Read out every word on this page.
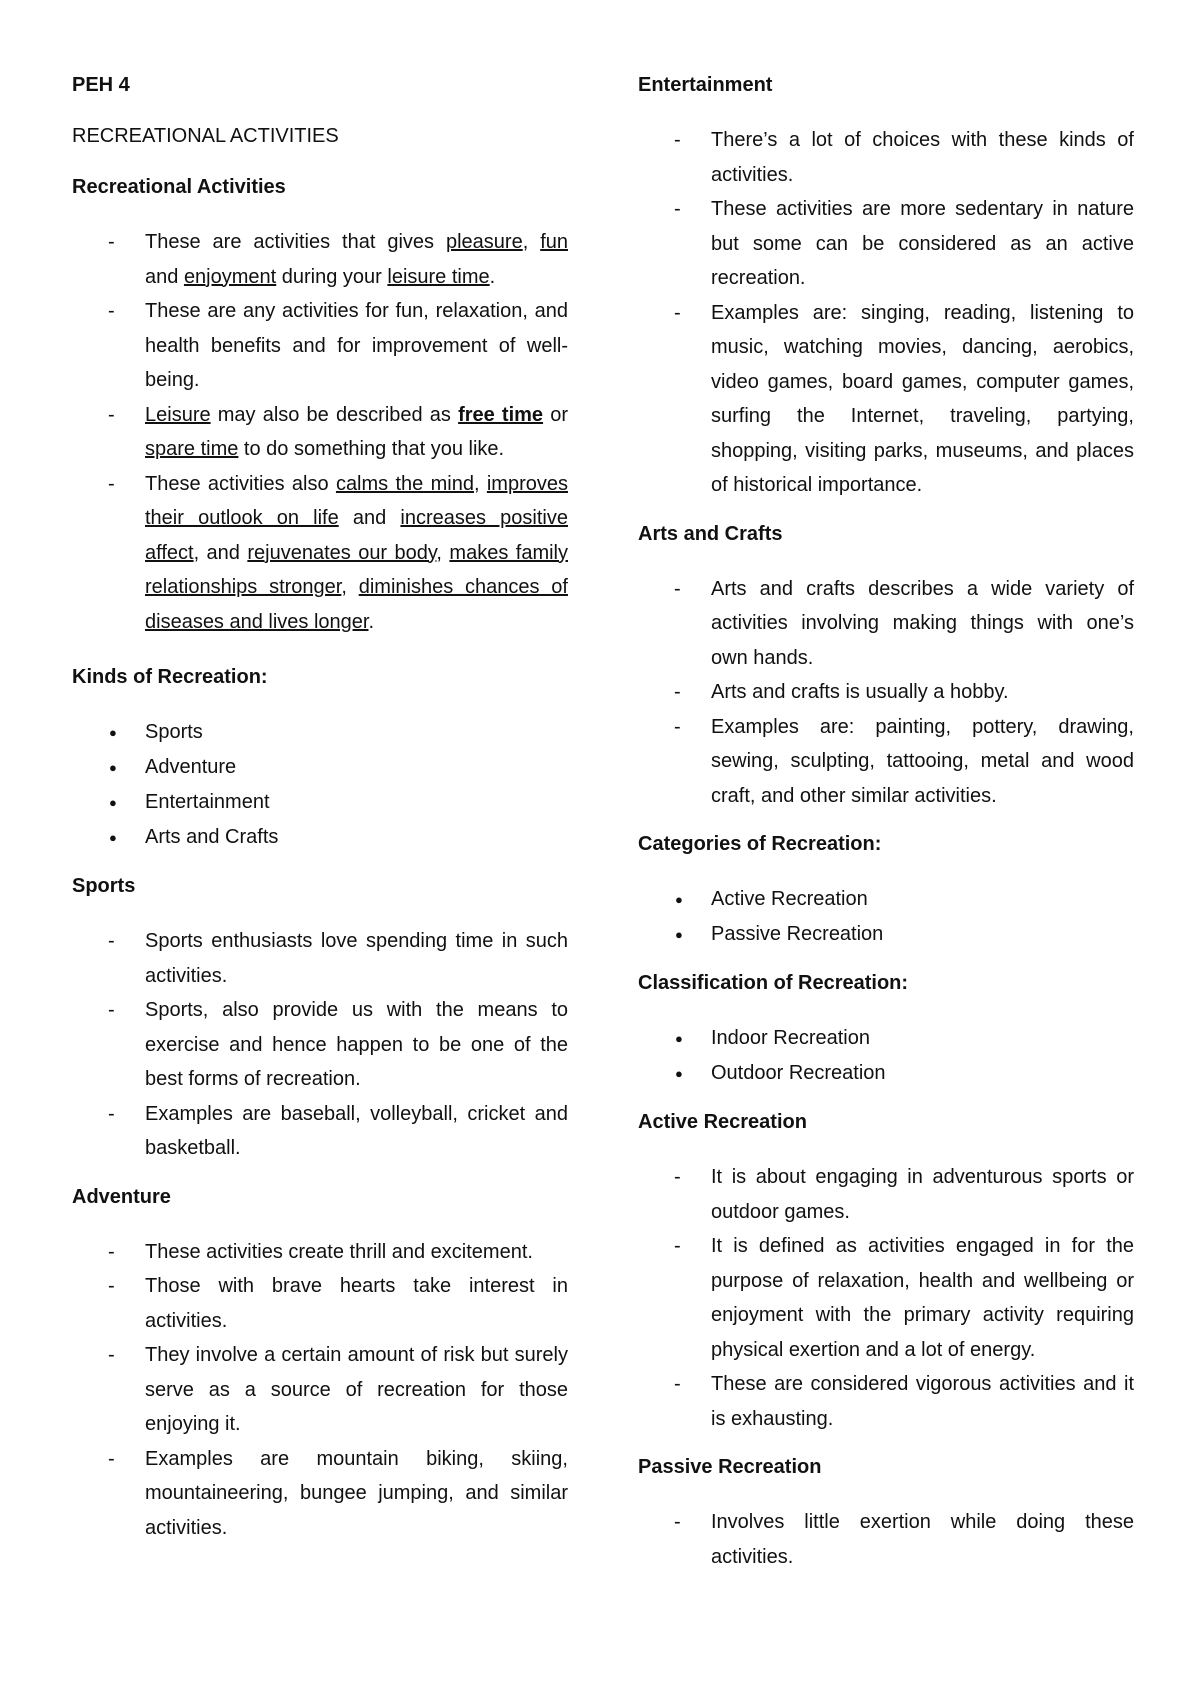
PEH 4
RECREATIONAL ACTIVITIES
Recreational Activities
- These are activities that gives pleasure, fun and enjoyment during your leisure time.
- These are any activities for fun, relaxation, and health benefits and for improvement of well-being.
- Leisure may also be described as free time or spare time to do something that you like.
- These activities also calms the mind, improves their outlook on life and increases positive affect, and rejuvenates our body, makes family relationships stronger, diminishes chances of diseases and lives longer.
Kinds of Recreation:
● Sports
● Adventure
● Entertainment
● Arts and Crafts
Sports
- Sports enthusiasts love spending time in such activities.
- Sports, also provide us with the means to exercise and hence happen to be one of the best forms of recreation.
- Examples are baseball, volleyball, cricket and basketball.
Adventure
- These activities create thrill and excitement.
- Those with brave hearts take interest in activities.
- They involve a certain amount of risk but surely serve as a source of recreation for those enjoying it.
- Examples are mountain biking, skiing, mountaineering, bungee jumping, and similar activities.
Entertainment
- There’s a lot of choices with these kinds of activities.
- These activities are more sedentary in nature but some can be considered as an active recreation.
- Examples are: singing, reading, listening to music, watching movies, dancing, aerobics, video games, board games, computer games, surfing the Internet, traveling, partying, shopping, visiting parks, museums, and places of historical importance.
Arts and Crafts
- Arts and crafts describes a wide variety of activities involving making things with one’s own hands.
- Arts and crafts is usually a hobby.
- Examples are: painting, pottery, drawing, sewing, sculpting, tattooing, metal and wood craft, and other similar activities.
Categories of Recreation:
● Active Recreation
● Passive Recreation
Classification of Recreation:
● Indoor Recreation
● Outdoor Recreation
Active Recreation
- It is about engaging in adventurous sports or outdoor games.
- It is defined as activities engaged in for the purpose of relaxation, health and wellbeing or enjoyment with the primary activity requiring physical exertion and a lot of energy.
- These are considered vigorous activities and it is exhausting.
Passive Recreation
- Involves little exertion while doing these activities.
